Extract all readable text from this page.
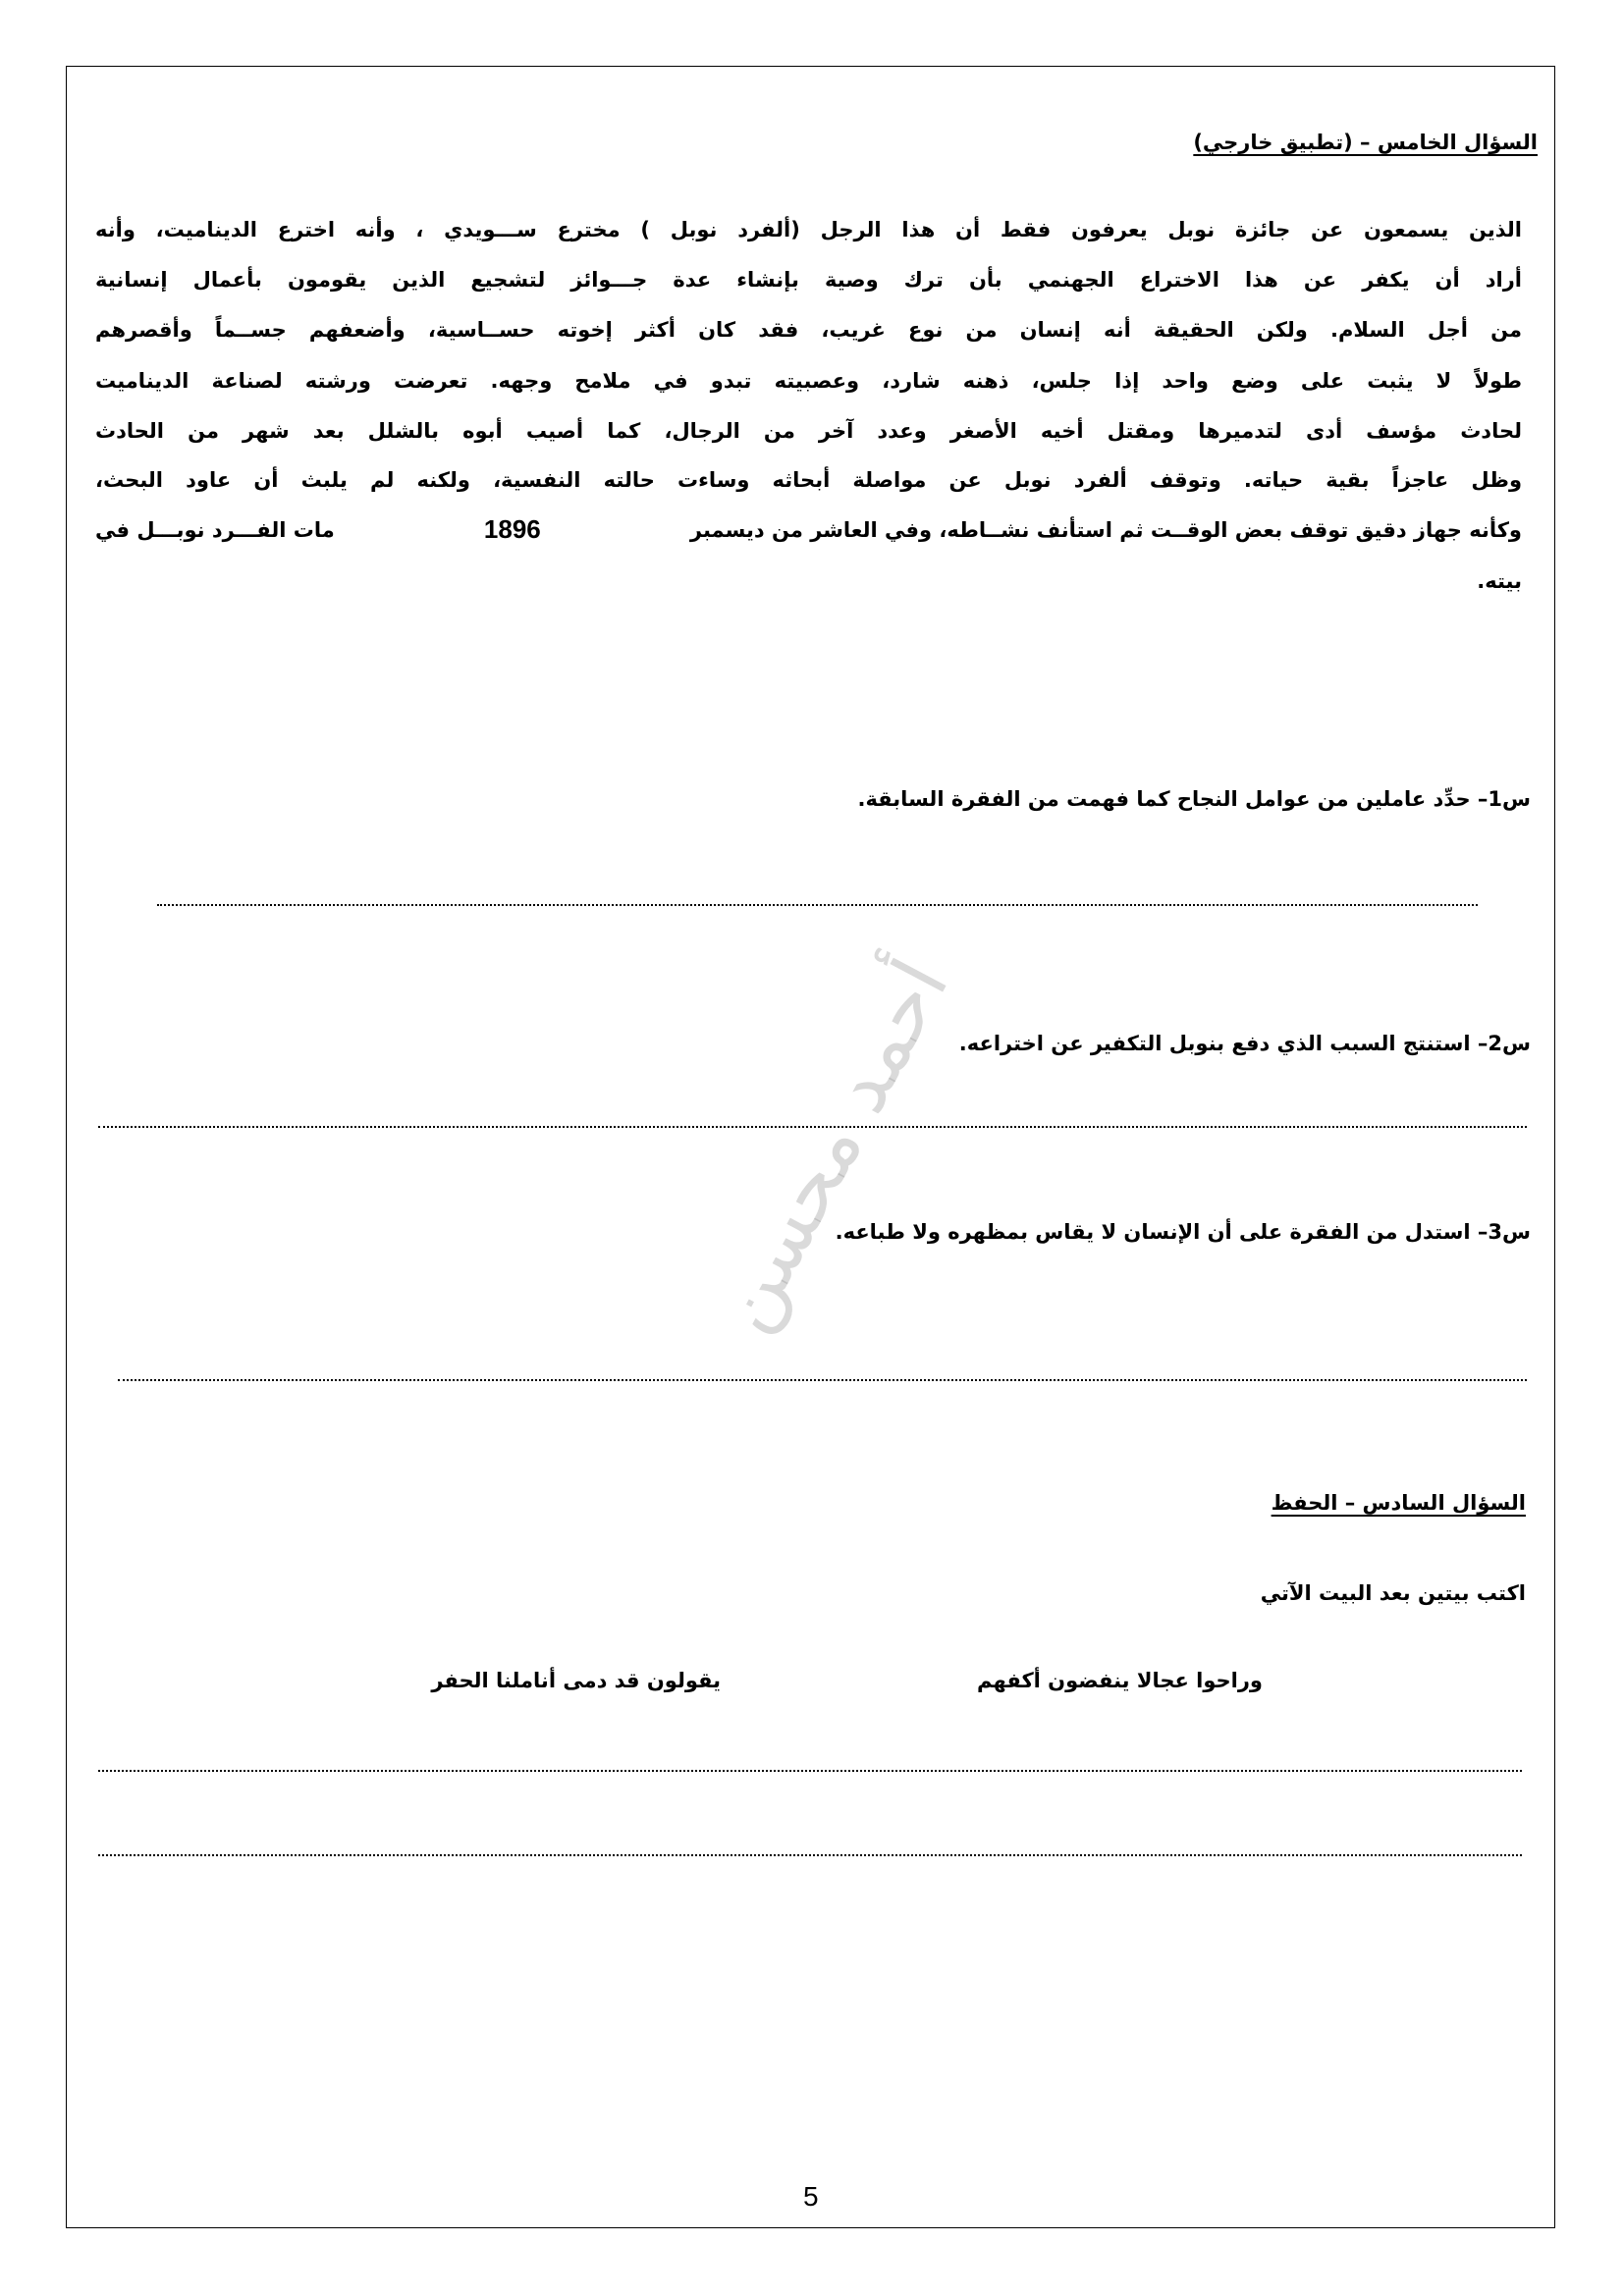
السؤال الخامس – (تطبيق خارجي)
الذين يسمعون عن جائزة نوبل يعرفون فقط أن هذا الرجل (ألفرد نوبل ) مخترع ســـويدي ، وأنه اخترع الديناميت، وأنه
أراد أن يكفر عن هذا الاختراع الجهنمي بأن ترك وصية بإنشاء عدة جـــوائز لتشجيع الذين يقومون بأعمال إنسانية
من أجل السلام. ولكن الحقيقة أنه إنسان من نوع غريب، فقد كان أكثر إخوته حســاسية، وأضعفهم جســماً وأقصرهم
طولاً لا يثبت على وضع واحد إذا جلس، ذهنه شارد، وعصبيته تبدو في ملامح وجهه. تعرضت ورشته لصناعة الديناميت
لحادث مؤسف أدى لتدميرها ومقتل أخيه الأصغر وعدد آخر من الرجال، كما أصيب أبوه بالشلل بعد شهر من الحادث
وظل عاجزاً بقية حياته. وتوقف ألفرد نوبل عن مواصلة أبحاثه وساءت حالته النفسية، ولكنه لم يلبث أن عاود البحث،
وكأنه جهاز دقيق توقف بعض الوقــت ثم استأنف نشــاطه، وفي العاشر من ديسمبر
1896
مات الفـــرد نوبـــل في
بيته.
س1– حدِّد عاملين من عوامل النجاح كما فهمت من الفقرة السابقة.
س2– استنتج السبب الذي دفع بنوبل التكفير عن اختراعه.
س3– استدل من الفقرة على أن الإنسان لا يقاس بمظهره ولا طباعه.
أحمد محسن
السؤال السادس – الحفظ
اكتب بيتين بعد البيت الآتي
وراحوا عجالا ينفضون أكفهم
يقولون قد دمى أناملنا الحفر
5
